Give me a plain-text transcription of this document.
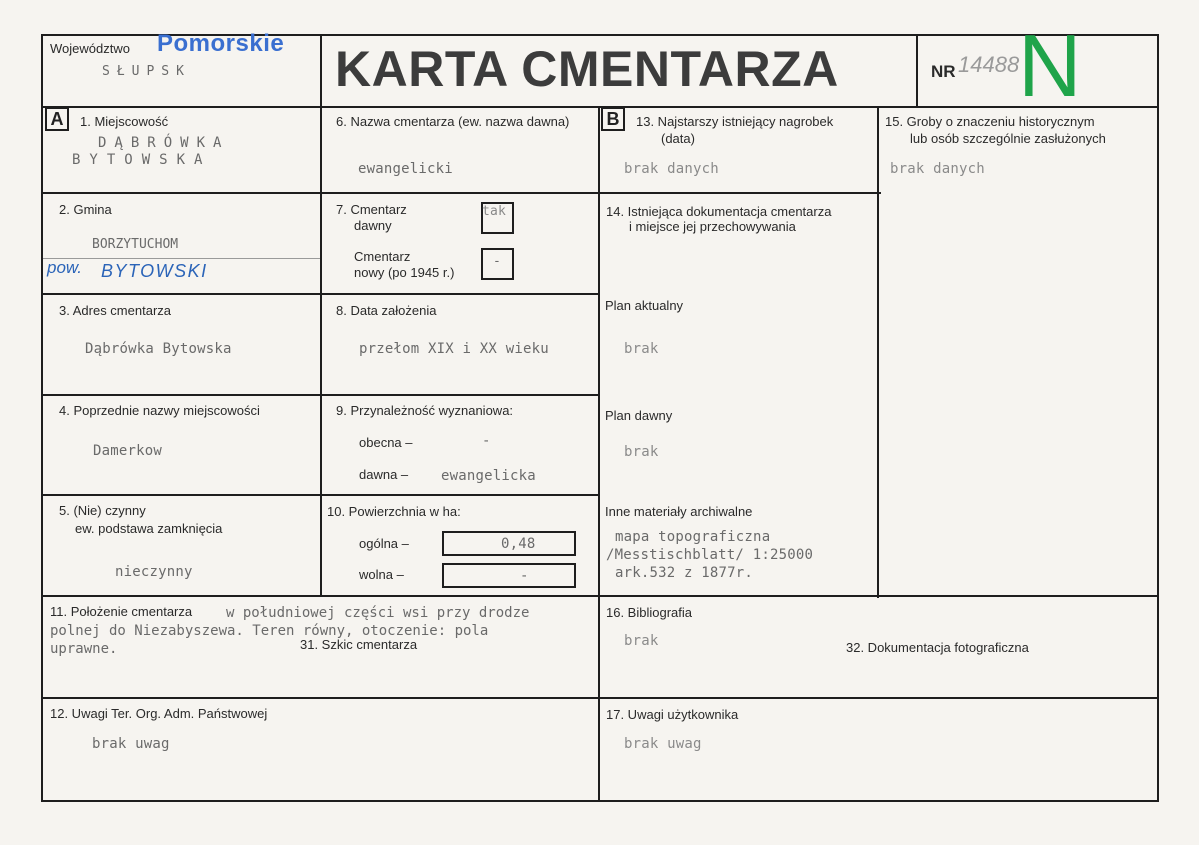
Województwo Pomorskie
SŁUPSK	KARTA CMENTARZA	NR 14488
N
A	B
1. Miejscowość
DĄBRÓWKA
BYTOWSKA
6. Nazwa cmentarza (ew. nazwa dawna)
ewangelicki
13. Najstarszy istniejący nagrobek
(data)
brak danych
15. Groby o znaczeniu historycznym
lub osób szczególnie zasłużonych
brak danych
2. Gmina
BORZYTUCHOM
pow. BYTOWSKI
7. Cmentarz
dawny
tak
Cmentarz
nowy (po 1945 r.)
-
14. Istniejąca dokumentacja cmentarza
i miejsce jej przechowywania
Plan aktualny
brak
Plan dawny
brak
Inne materiały archiwalne
mapa topograficzna
/Messtischblatt/ 1:25000
ark.532 z 1877r.
3. Adres cmentarza
Dąbrówka Bytowska
8. Data założenia
przełom XIX i XX wieku
4. Poprzednie nazwy miejscowości
Damerkow
9. Przynależność wyznaniowa:
obecna –	-
dawna – ewangelicka
5. (Nie) czynny
ew. podstawa zamknięcia
nieczynny
10. Powierzchnia w ha:
ogólna –	0,48
wolna –	-
11. Położenie cmentarza w południowej części wsi przy drodze
polnej do Niezabyszewa. Teren równy, otoczenie: pola
uprawne.	31. Szkic cmentarza
16. Bibliografia
brak	32. Dokumentacja fotograficzna
12. Uwagi Ter. Org. Adm. Państwowej
brak uwag
17. Uwagi użytkownika
brak uwag
